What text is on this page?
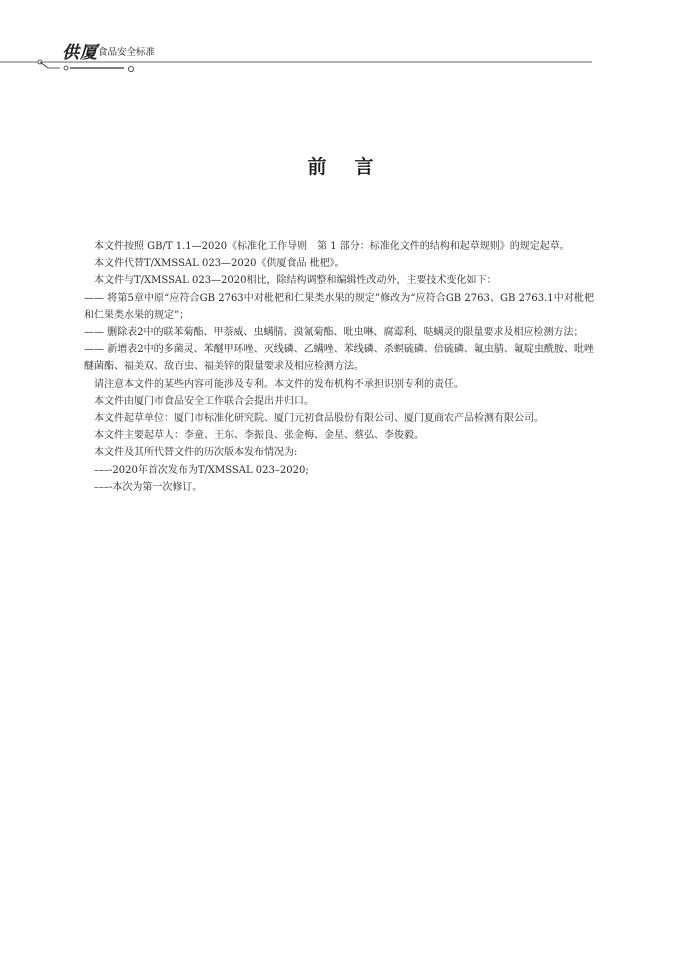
供厦 食品安全标准
前言

本文件按照 GB/T 1.1—2020《标准化工作导则　第 1 部分：标准化文件的结构和起草规则》的规定起草。

本文件代替T/XMSSAL 023—2020《供厦食品 枇杷》。

本文件与T/XMSSAL 023—2020相比，除结构调整和编辑性改动外，主要技术变化如下：

—— 将第5章中原“应符合GB 2763中对枇杷和仁果类水果的规定”修改为“应符合GB 2763、GB 2763.1中对枇杷和仁果类水果的规定”；

—— 删除表2中的联苯菊酯、甲萘威、虫螨腈、溴氰菊酯、吡虫啉、腐霉利、哒螨灵的限量要求及相应检测方法；

—— 新增表2中的多菌灵、苯醚甲环唑、灭线磷、乙螨唑、苯线磷、杀螟硫磷、倍硫磷、氟虫腈、氟啶虫酰胺、吡唑醚菌酯、福美双、敌百虫、福美锌的限量要求及相应检测方法。

请注意本文件的某些内容可能涉及专利。本文件的发布机构不承担识别专利的责任。

本文件由厦门市食品安全工作联合会提出并归口。

本文件起草单位：厦门市标准化研究院、厦门元初食品股份有限公司、厦门夏商农产品检测有限公司。

本文件主要起草人：李童、王东、李振良、张金梅、金星、蔡弘、李俊毅。

本文件及其所代替文件的历次版本发布情况为:

–––-2020年首次发布为T/XMSSAL 023–2020;

–––-本次为第一次修订。
